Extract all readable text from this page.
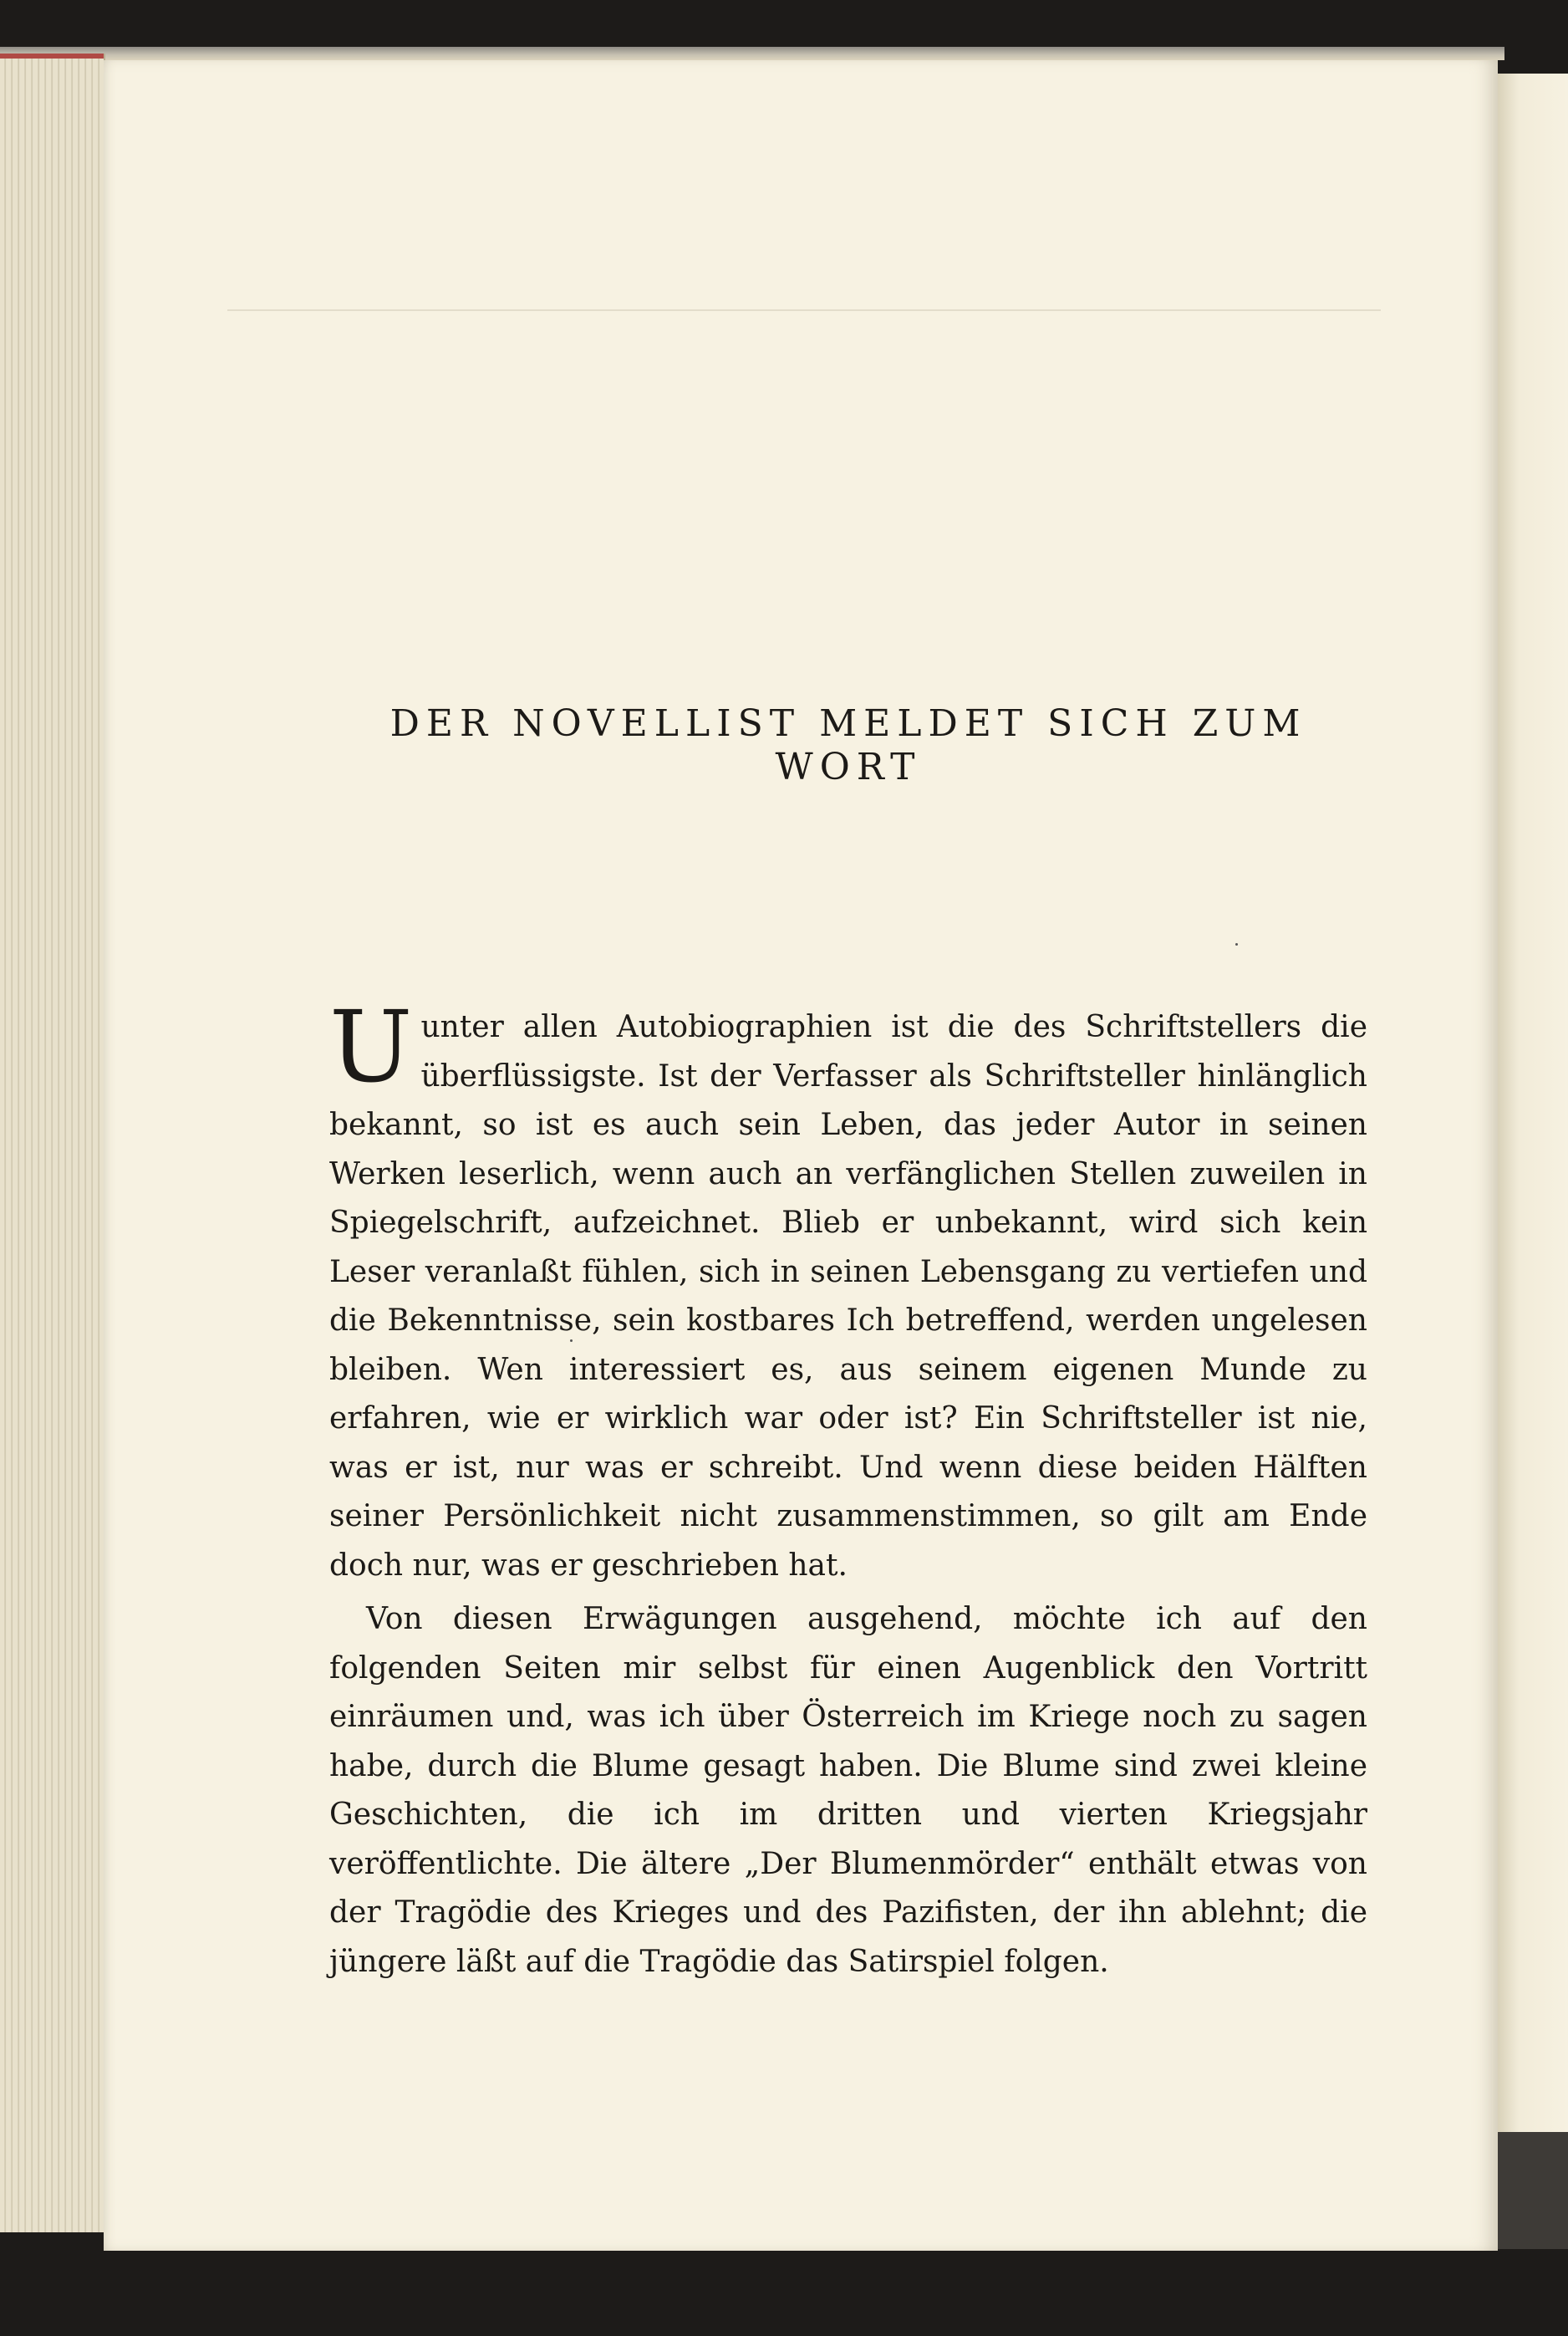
DER NOVELLIST MELDET SICH ZUM WORT

Uunter allen Autobiographien ist die des Schriftstellers die überflüssigste. Ist der Verfasser als Schriftsteller hinlänglich bekannt, so ist es auch sein Leben, das jeder Autor in seinen Werken leserlich, wenn auch an verfänglichen Stellen zuweilen in Spiegelschrift, aufzeichnet. Blieb er unbekannt, wird sich kein Leser veranlaßt fühlen, sich in seinen Lebensgang zu vertiefen und die Bekenntnisse, sein kostbares Ich betreffend, werden ungelesen bleiben. Wen interessiert es, aus seinem eigenen Munde zu erfahren, wie er wirklich war oder ist? Ein Schriftsteller ist nie, was er ist, nur was er schreibt. Und wenn diese beiden Hälften seiner Persönlichkeit nicht zusammenstimmen, so gilt am Ende doch nur, was er geschrieben hat.

Von diesen Erwägungen ausgehend, möchte ich auf den folgenden Seiten mir selbst für einen Augenblick den Vortritt einräumen und, was ich über Österreich im Kriege noch zu sagen habe, durch die Blume gesagt haben. Die Blume sind zwei kleine Geschichten, die ich im dritten und vierten Kriegsjahr veröffentlichte. Die ältere „Der Blumenmörder“ enthält etwas von der Tragödie des Krieges und des Pazifisten, der ihn ablehnt; die jüngere läßt auf die Tragödie das Satirspiel folgen.
